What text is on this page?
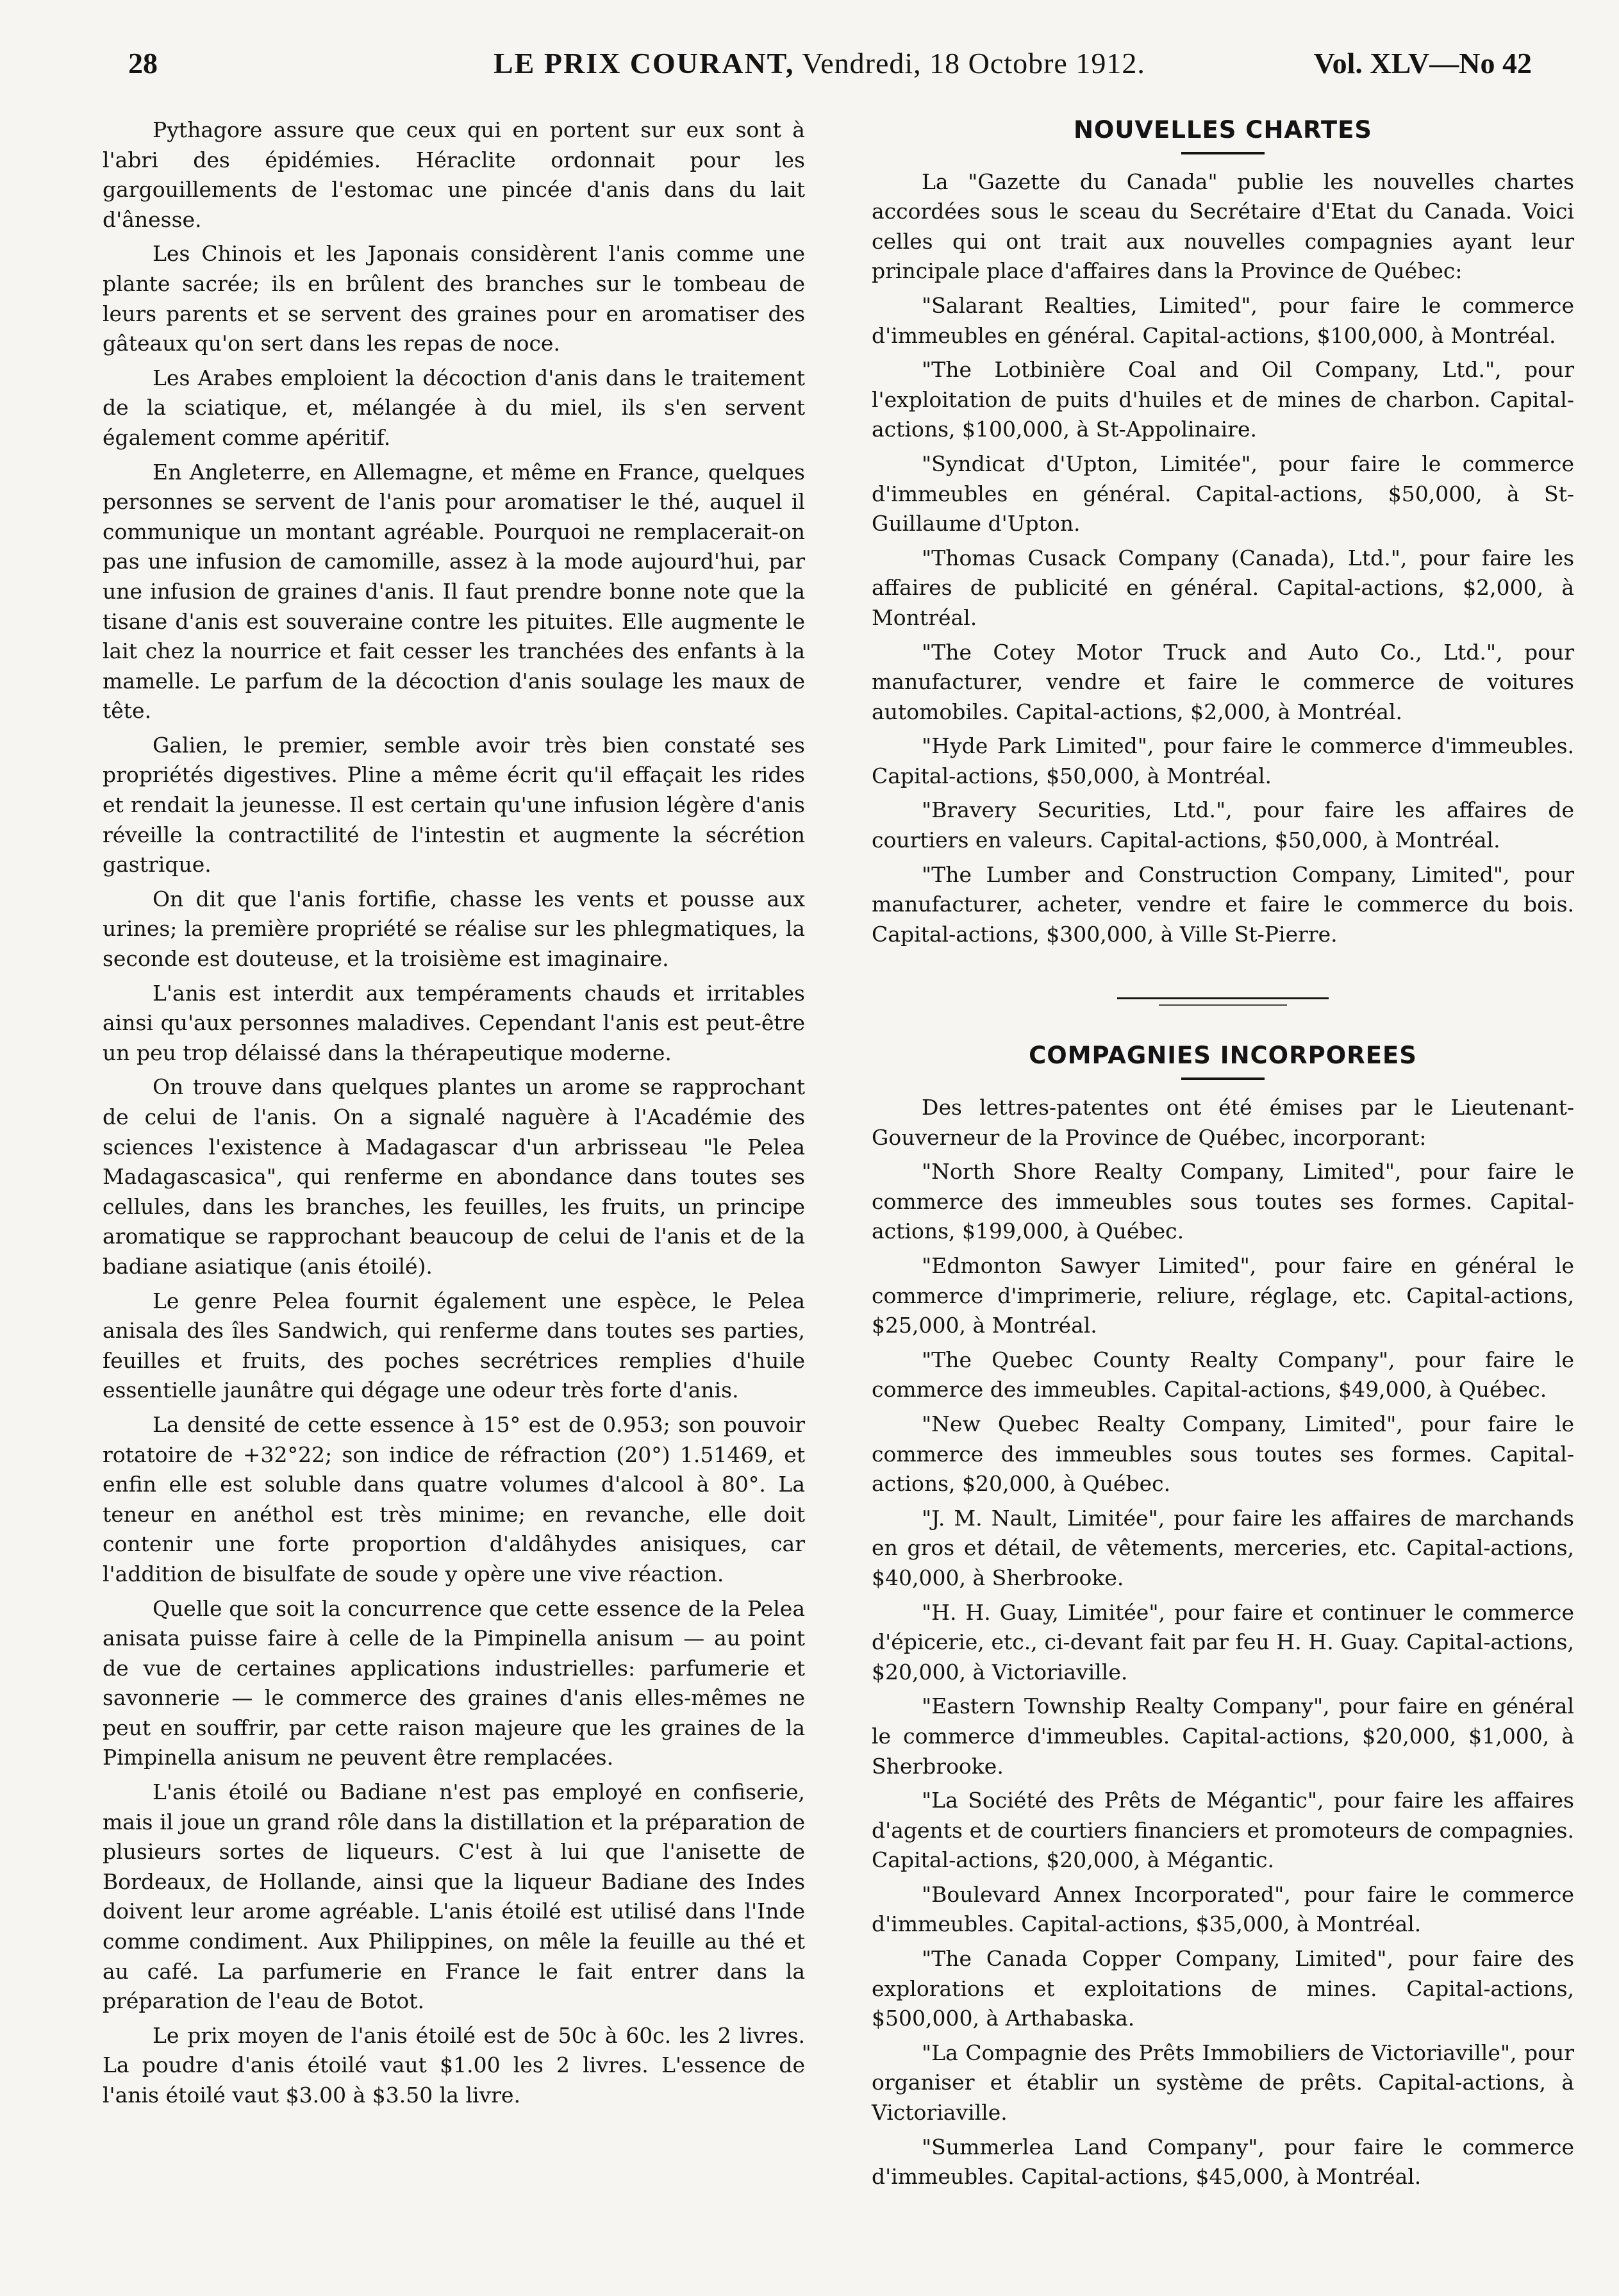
28	LE PRIX COURANT, Vendredi, 18 Octobre 1912.	Vol. XLV—No 42

Pythagore assure que ceux qui en portent sur eux sont à l'abri des épidémies. Héraclite ordonnait pour les gargouillements de l'estomac une pincée d'anis dans du lait d'ânesse.

Les Chinois et les Japonais considèrent l'anis comme une plante sacrée; ils en brûlent des branches sur le tombeau de leurs parents et se servent des graines pour en aromatiser des gâteaux qu'on sert dans les repas de noce.

Les Arabes emploient la décoction d'anis dans le traitement de la sciatique, et, mélangée à du miel, ils s'en servent également comme apéritif.

En Angleterre, en Allemagne, et même en France, quelques personnes se servent de l'anis pour aromatiser le thé, auquel il communique un montant agréable. Pourquoi ne remplacerait-on pas une infusion de camomille, assez à la mode aujourd'hui, par une infusion de graines d'anis. Il faut prendre bonne note que la tisane d'anis est souveraine contre les pituites. Elle augmente le lait chez la nourrice et fait cesser les tranchées des enfants à la mamelle. Le parfum de la décoction d'anis soulage les maux de tête.

Galien, le premier, semble avoir très bien constaté ses propriétés digestives. Pline a même écrit qu'il effaçait les rides et rendait la jeunesse. Il est certain qu'une infusion légère d'anis réveille la contractilité de l'intestin et augmente la sécrétion gastrique.

On dit que l'anis fortifie, chasse les vents et pousse aux urines; la première propriété se réalise sur les phlegmatiques, la seconde est douteuse, et la troisième est imaginaire.

L'anis est interdit aux tempéraments chauds et irritables ainsi qu'aux personnes maladives. Cependant l'anis est peut-être un peu trop délaissé dans la thérapeutique moderne.

On trouve dans quelques plantes un arome se rapprochant de celui de l'anis. On a signalé naguère à l'Académie des sciences l'existence à Madagascar d'un arbrisseau "le Pelea Madagascasica", qui renferme en abondance dans toutes ses cellules, dans les branches, les feuilles, les fruits, un principe aromatique se rapprochant beaucoup de celui de l'anis et de la badiane asiatique (anis étoilé).

Le genre Pelea fournit également une espèce, le Pelea anisala des îles Sandwich, qui renferme dans toutes ses parties, feuilles et fruits, des poches secrétrices remplies d'huile essentielle jaunâtre qui dégage une odeur très forte d'anis.

La densité de cette essence à 15° est de 0.953; son pouvoir rotatoire de +32°22; son indice de réfraction (20°) 1.51469, et enfin elle est soluble dans quatre volumes d'alcool à 80°. La teneur en anéthol est très minime; en revanche, elle doit contenir une forte proportion d'aldâhydes anisiques, car l'addition de bisulfate de soude y opère une vive réaction.

Quelle que soit la concurrence que cette essence de la Pelea anisata puisse faire à celle de la Pimpinella anisum — au point de vue de certaines applications industrielles: parfumerie et savonnerie — le commerce des graines d'anis elles-mêmes ne peut en souffrir, par cette raison majeure que les graines de la Pimpinella anisum ne peuvent être remplacées.

L'anis étoilé ou Badiane n'est pas employé en confiserie, mais il joue un grand rôle dans la distillation et la préparation de plusieurs sortes de liqueurs. C'est à lui que l'anisette de Bordeaux, de Hollande, ainsi que la liqueur Badiane des Indes doivent leur arome agréable. L'anis étoilé est utilisé dans l'Inde comme condiment. Aux Philippines, on mêle la feuille au thé et au café. La parfumerie en France le fait entrer dans la préparation de l'eau de Botot.

Le prix moyen de l'anis étoilé est de 50c à 60c. les 2 livres. La poudre d'anis étoilé vaut $1.00 les 2 livres. L'essence de l'anis étoilé vaut $3.00 à $3.50 la livre.

NOUVELLES CHARTES

La "Gazette du Canada" publie les nouvelles chartes accordées sous le sceau du Secrétaire d'Etat du Canada. Voici celles qui ont trait aux nouvelles compagnies ayant leur principale place d'affaires dans la Province de Québec:

"Salarant Realties, Limited", pour faire le commerce d'immeubles en général. Capital-actions, $100,000, à Montréal.

"The Lotbinière Coal and Oil Company, Ltd.", pour l'exploitation de puits d'huiles et de mines de charbon. Capital-actions, $100,000, à St-Appolinaire.

"Syndicat d'Upton, Limitée", pour faire le commerce d'immeubles en général. Capital-actions, $50,000, à St-Guillaume d'Upton.

"Thomas Cusack Company (Canada), Ltd.", pour faire les affaires de publicité en général. Capital-actions, $2,000, à Montréal.

"The Cotey Motor Truck and Auto Co., Ltd.", pour manufacturer, vendre et faire le commerce de voitures automobiles. Capital-actions, $2,000, à Montréal.

"Hyde Park Limited", pour faire le commerce d'immeubles. Capital-actions, $50,000, à Montréal.

"Bravery Securities, Ltd.", pour faire les affaires de courtiers en valeurs. Capital-actions, $50,000, à Montréal.

"The Lumber and Construction Company, Limited", pour manufacturer, acheter, vendre et faire le commerce du bois. Capital-actions, $300,000, à Ville St-Pierre.

COMPAGNIES INCORPOREES

Des lettres-patentes ont été émises par le Lieutenant-Gouverneur de la Province de Québec, incorporant:

"North Shore Realty Company, Limited", pour faire le commerce des immeubles sous toutes ses formes. Capital-actions, $199,000, à Québec.

"Edmonton Sawyer Limited", pour faire en général le commerce d'imprimerie, reliure, réglage, etc. Capital-actions, $25,000, à Montréal.

"The Quebec County Realty Company", pour faire le commerce des immeubles. Capital-actions, $49,000, à Québec.

"New Quebec Realty Company, Limited", pour faire le commerce des immeubles sous toutes ses formes. Capital-actions, $20,000, à Québec.

"J. M. Nault, Limitée", pour faire les affaires de marchands en gros et détail, de vêtements, merceries, etc. Capital-actions, $40,000, à Sherbrooke.

"H. H. Guay, Limitée", pour faire et continuer le commerce d'épicerie, etc., ci-devant fait par feu H. H. Guay. Capital-actions, $20,000, à Victoriaville.

"Eastern Township Realty Company", pour faire en général le commerce d'immeubles. Capital-actions, $20,000, $1,000, à Sherbrooke.

"La Société des Prêts de Mégantic", pour faire les affaires d'agents et de courtiers financiers et promoteurs de compagnies. Capital-actions, $20,000, à Mégantic.

"Boulevard Annex Incorporated", pour faire le commerce d'immeubles. Capital-actions, $35,000, à Montréal.

"The Canada Copper Company, Limited", pour faire des explorations et exploitations de mines. Capital-actions, $500,000, à Arthabaska.

"La Compagnie des Prêts Immobiliers de Victoriaville", pour organiser et établir un système de prêts. Capital-actions, à Victoriaville.

"Summerlea Land Company", pour faire le commerce d'immeubles. Capital-actions, $45,000, à Montréal.
